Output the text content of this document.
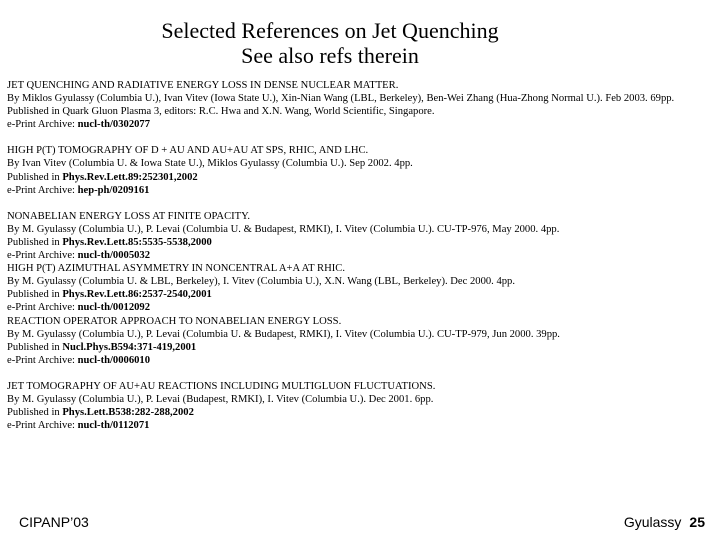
Selected References on Jet Quenching
See also refs therein
JET QUENCHING AND RADIATIVE ENERGY LOSS IN DENSE NUCLEAR MATTER.
By Miklos Gyulassy (Columbia U.), Ivan Vitev (Iowa State U.), Xin-Nian Wang (LBL, Berkeley), Ben-Wei Zhang (Hua-Zhong Normal U.). Feb 2003. 69pp. Published in Quark Gluon Plasma 3, editors: R.C. Hwa and X.N. Wang, World Scientific, Singapore.
e-Print Archive: nucl-th/0302077
HIGH P(T) TOMOGRAPHY OF D + AU AND AU+AU AT SPS, RHIC, AND LHC.
By Ivan Vitev (Columbia U. & Iowa State U.), Miklos Gyulassy (Columbia U.). Sep 2002. 4pp.
Published in Phys.Rev.Lett.89:252301,2002
e-Print Archive: hep-ph/0209161
NONABELIAN ENERGY LOSS AT FINITE OPACITY.
By M. Gyulassy (Columbia U.), P. Levai (Columbia U. & Budapest, RMKI), I. Vitev (Columbia U.). CU-TP-976, May 2000. 4pp.
Published in Phys.Rev.Lett.85:5535-5538,2000
e-Print Archive: nucl-th/0005032
HIGH P(T) AZIMUTHAL ASYMMETRY IN NONCENTRAL A+A AT RHIC.
By M. Gyulassy (Columbia U. & LBL, Berkeley), I. Vitev (Columbia U.), X.N. Wang (LBL, Berkeley). Dec 2000. 4pp.
Published in Phys.Rev.Lett.86:2537-2540,2001
e-Print Archive: nucl-th/0012092
REACTION OPERATOR APPROACH TO NONABELIAN ENERGY LOSS.
By M. Gyulassy (Columbia U.), P. Levai (Columbia U. & Budapest, RMKI), I. Vitev (Columbia U.). CU-TP-979, Jun 2000. 39pp.
Published in Nucl.Phys.B594:371-419,2001
e-Print Archive: nucl-th/0006010
JET TOMOGRAPHY OF AU+AU REACTIONS INCLUDING MULTIGLUON FLUCTUATIONS.
By M. Gyulassy (Columbia U.), P. Levai (Budapest, RMKI), I. Vitev (Columbia U.). Dec 2001. 6pp.
Published in Phys.Lett.B538:282-288,2002
e-Print Archive: nucl-th/0112071
CIPANP’03	Gyulassy 25
